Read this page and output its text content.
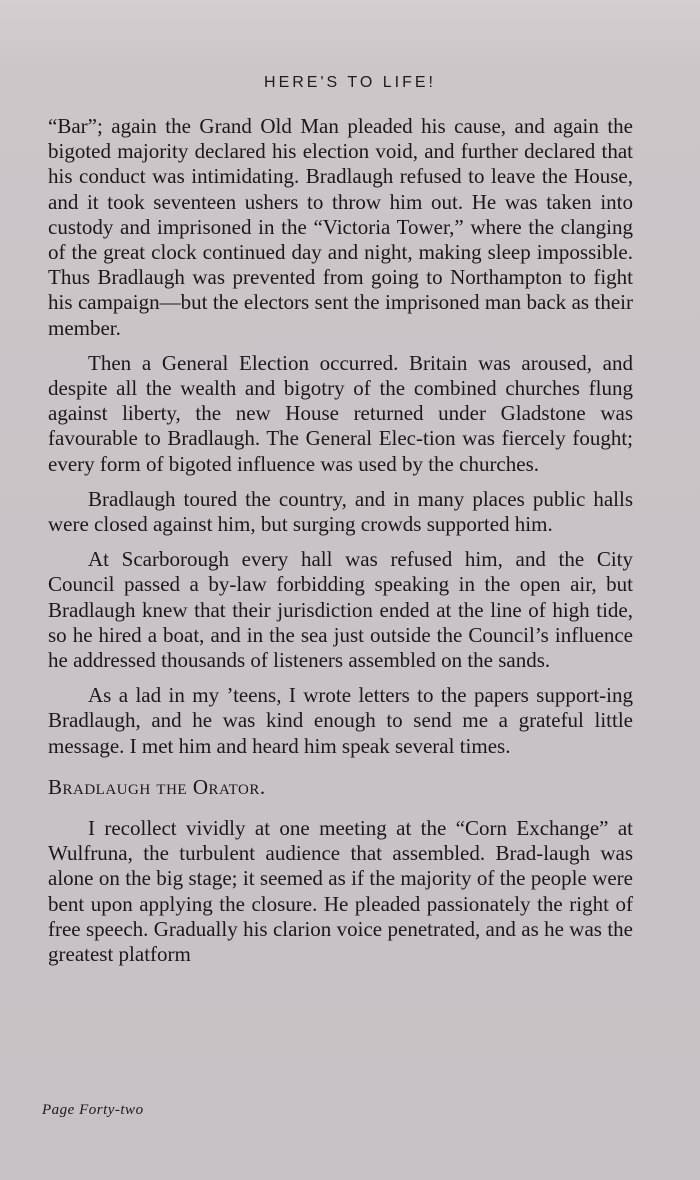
HERE'S TO LIFE!

“Bar”; again the Grand Old Man pleaded his cause, and again the bigoted majority declared his election void, and further declared that his conduct was intimidating. Bradlaugh refused to leave the House, and it took seventeen ushers to throw him out. He was taken into custody and imprisoned in the “Victoria Tower,” where the clanging of the great clock continued day and night, making sleep impossible. Thus Bradlaugh was prevented from going to Northampton to fight his campaign—but the electors sent the imprisoned man back as their member.

Then a General Election occurred. Britain was aroused, and despite all the wealth and bigotry of the combined churches flung against liberty, the new House returned under Gladstone was favourable to Bradlaugh. The General Elec-tion was fiercely fought; every form of bigoted influence was used by the churches.

Bradlaugh toured the country, and in many places public halls were closed against him, but surging crowds supported him.

At Scarborough every hall was refused him, and the City Council passed a by-law forbidding speaking in the open air, but Bradlaugh knew that their jurisdiction ended at the line of high tide, so he hired a boat, and in the sea just outside the Council’s influence he addressed thousands of listeners assembled on the sands.

As a lad in my ’teens, I wrote letters to the papers support-ing Bradlaugh, and he was kind enough to send me a grateful little message. I met him and heard him speak several times.

Bradlaugh the Orator.

I recollect vividly at one meeting at the “Corn Exchange” at Wulfruna, the turbulent audience that assembled. Brad-laugh was alone on the big stage; it seemed as if the majority of the people were bent upon applying the closure. He pleaded passionately the right of free speech. Gradually his clarion voice penetrated, and as he was the greatest platform

Page Forty-two
